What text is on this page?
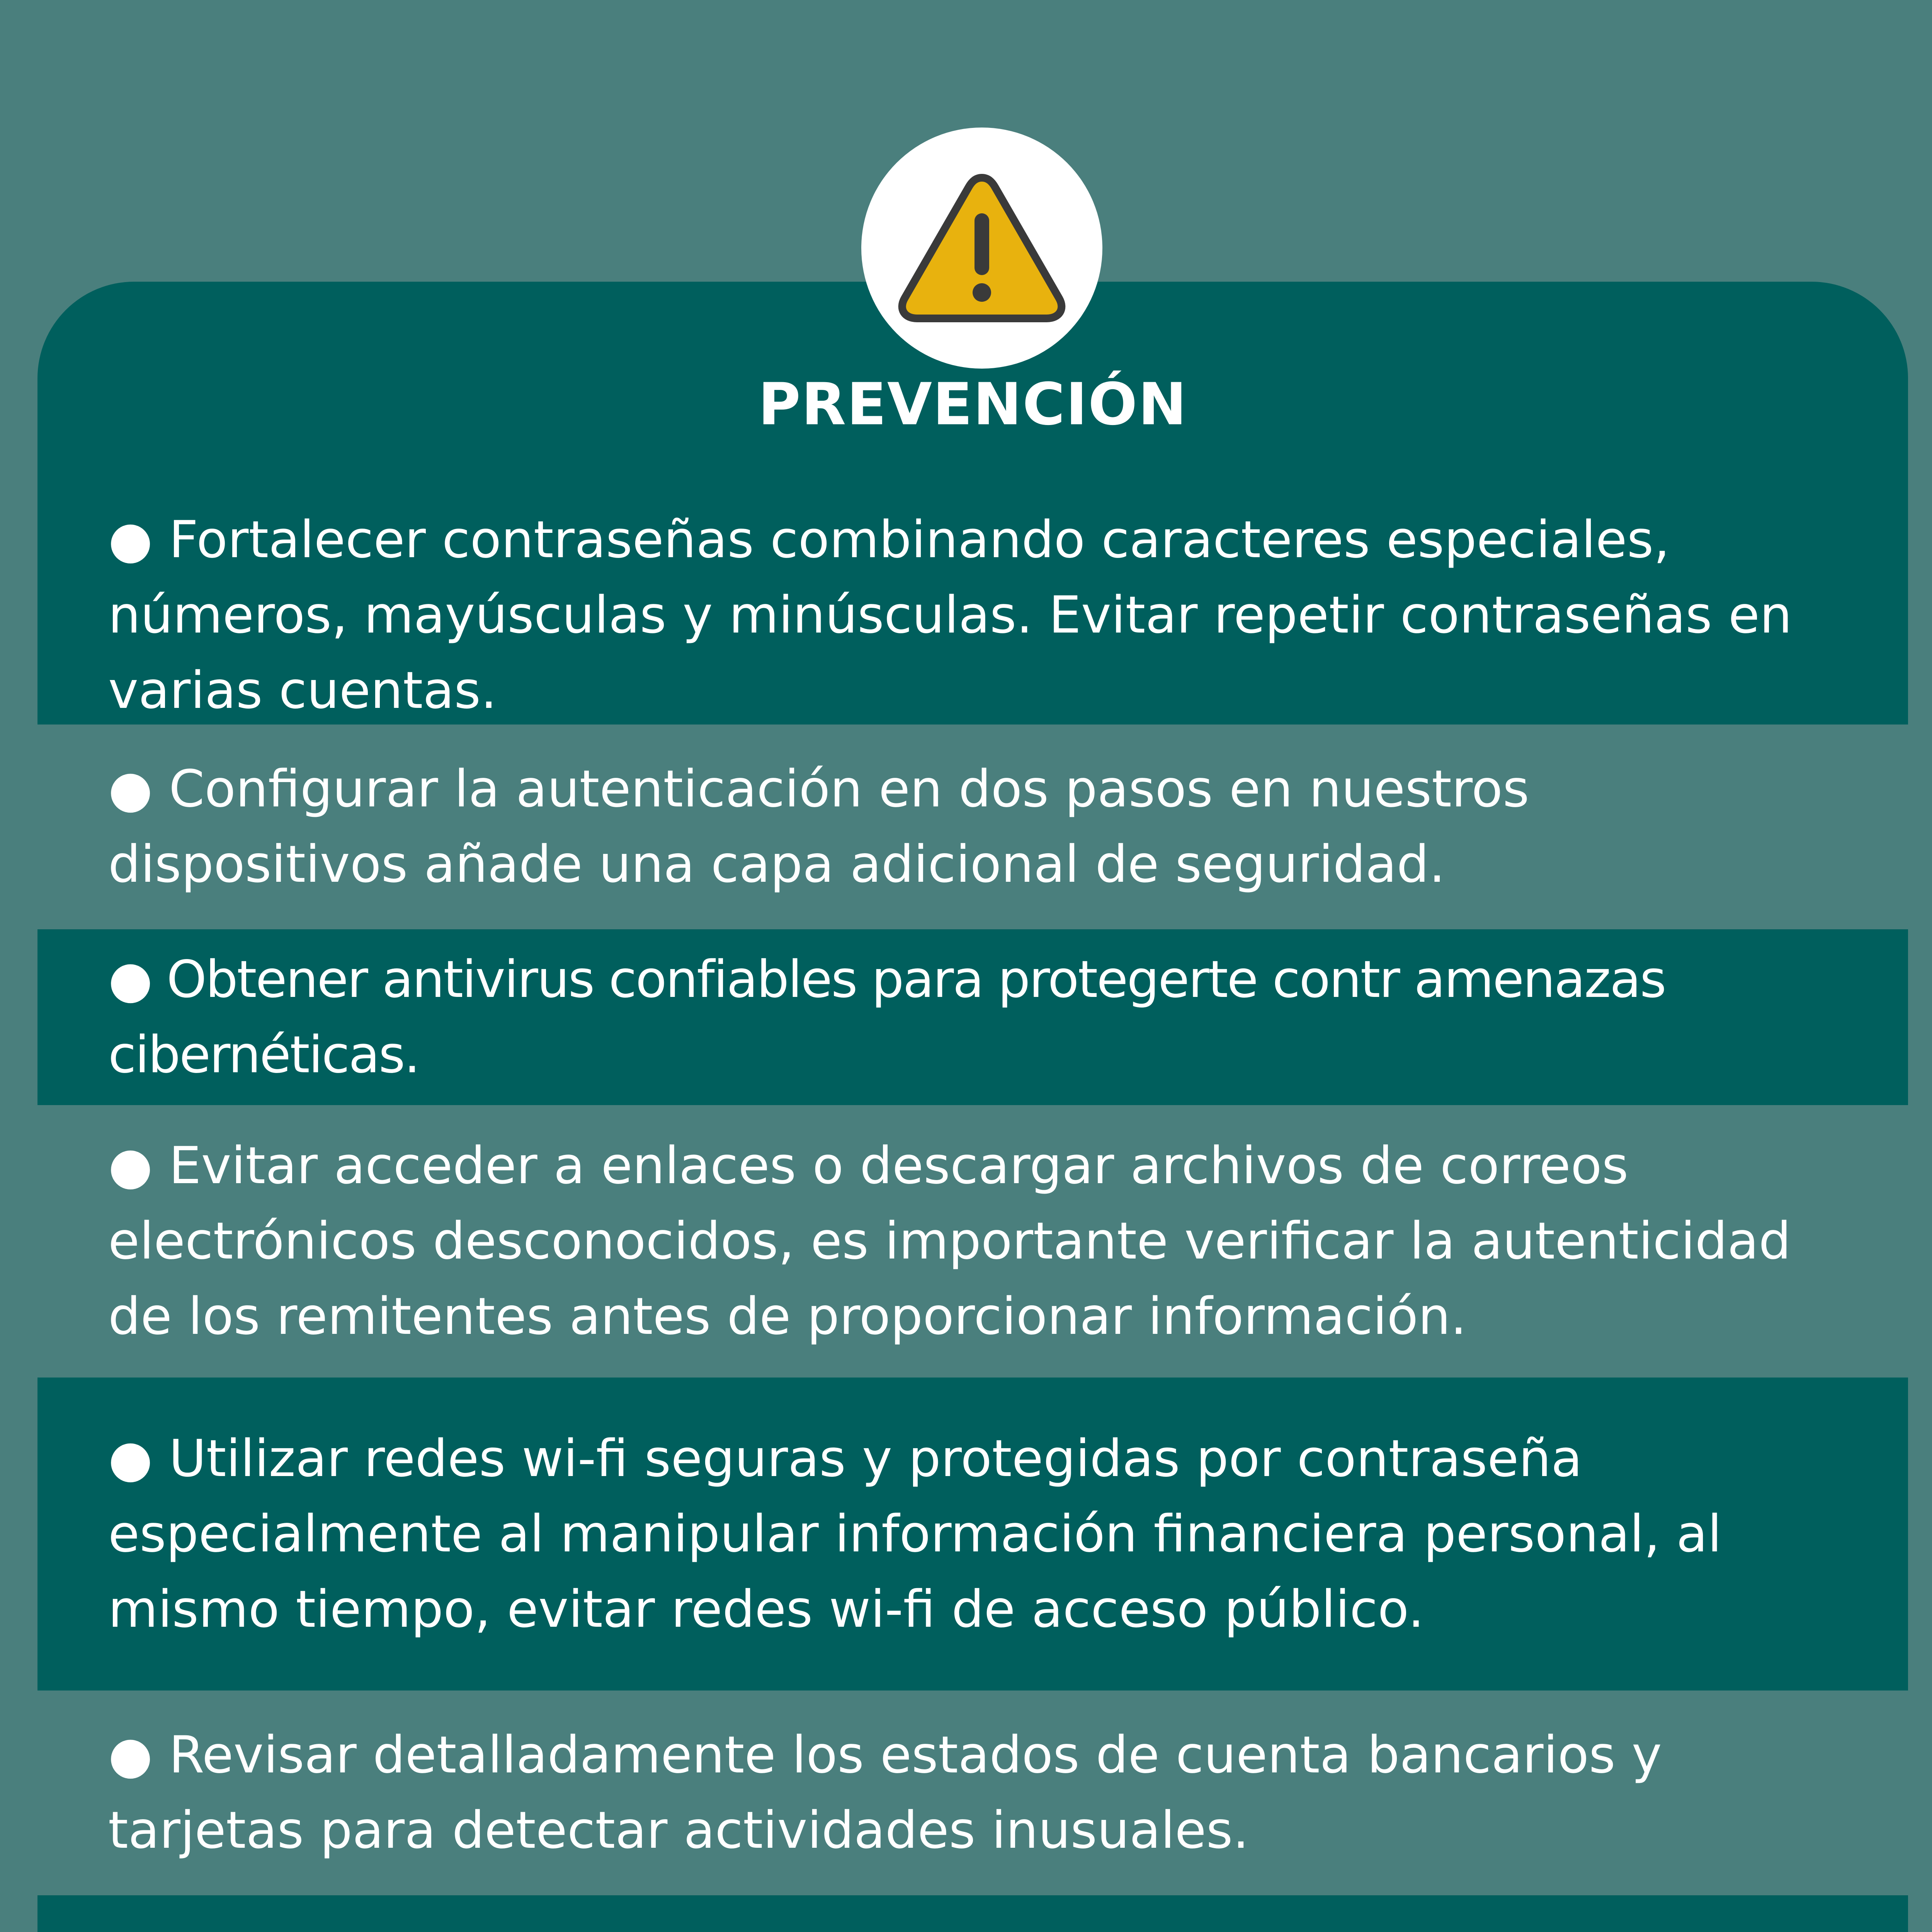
PREVENCIÓN

● Fortalecer contraseñas combinando caracteres especiales, números, mayúsculas y minúsculas. Evitar repetir contraseñas en varias cuentas.

● Configurar la autenticación en dos pasos en nuestros dispositivos añade una capa adicional de seguridad.

● Obtener antivirus confiables para protegerte contr amenazas cibernéticas.

● Evitar acceder a enlaces o descargar archivos de correos electrónicos desconocidos, es importante verificar la autenticidad de los remitentes antes de proporcionar información.

● Utilizar redes wi-fi seguras y protegidas por contraseña especialmente al manipular información financiera personal, al mismo tiempo, evitar redes wi-fi de acceso público.

● Revisar detalladamente los estados de cuenta bancarios y tarjetas para detectar actividades inusuales.
